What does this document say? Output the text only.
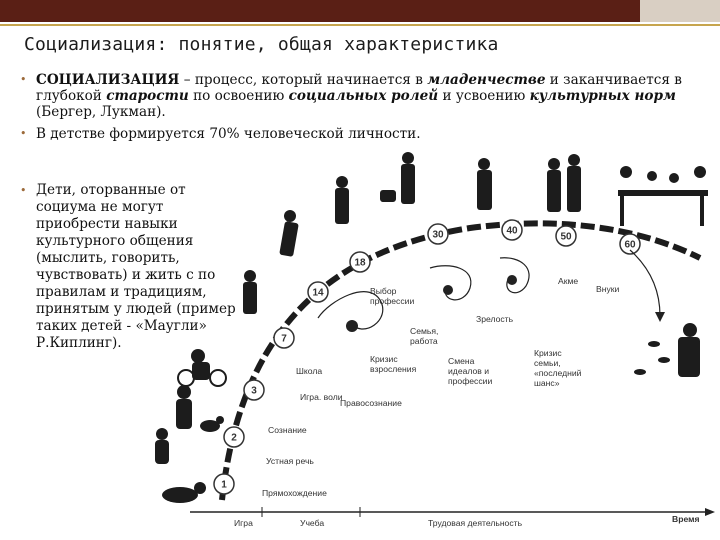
Социализация: понятие, общая характеристика
• СОЦИАЛИЗАЦИЯ – процесс, который начинается в младенчестве и заканчивается в глубокой старости по освоению социальных ролей и усвоению культурных норм (Бергер, Лукман).
• В детстве формируется 70% человеческой личности.
• Дети, оторванные от социума не могут приобрести навыки культурного общения (мыслить, говорить, чувствовать) и жить с по правилам и традициям, принятым у людей (пример таких детей - «Маугли» Р.Киплинг).
1
2
3
7
14
18
30	40
50
60
Прямохождение
Устная речь
Сознание
Правосознание
Игра. воли
Школа
Кризис взросления
Выбор профессии
Семья, работа
Смена идеалов и профессии
Зрелость
Кризис семьи, «последний шанс»
Акме
Внуки
Игра	Учеба	Трудовая деятельность	Время
